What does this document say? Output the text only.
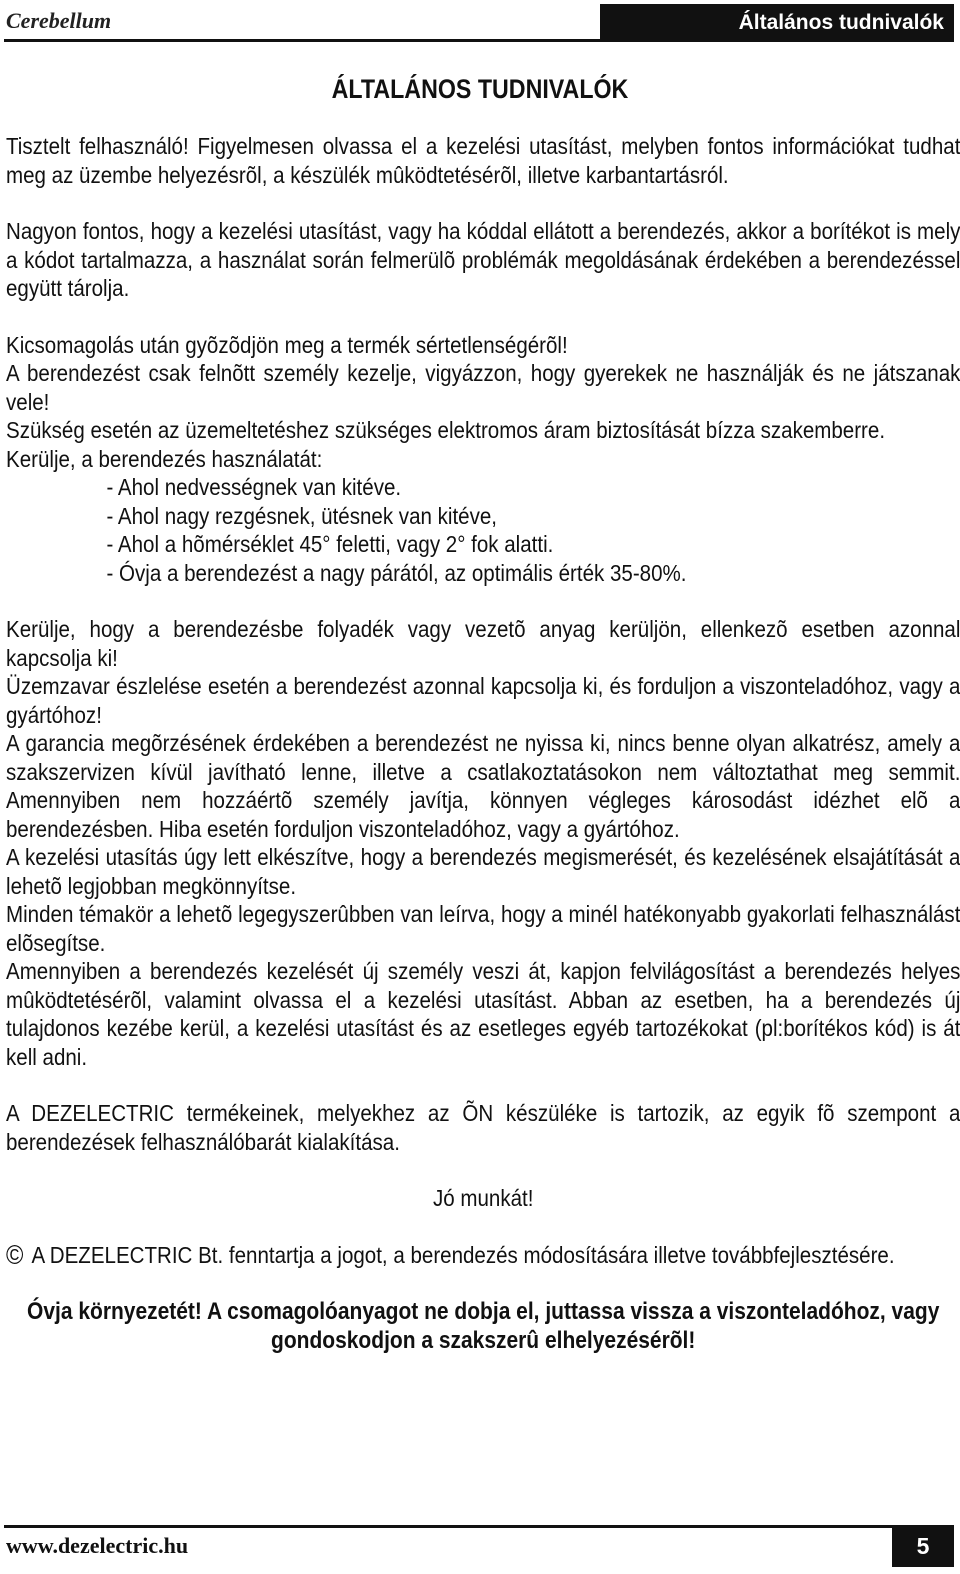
Cerebellum	Általános tudnivalók
ÁLTALÁNOS TUDNIVALÓK

Tisztelt felhasználó! Figyelmesen olvassa el a kezelési utasítást, melyben fontos információkat tudhat meg az üzembe helyezésrõl, a készülék mûködtetésérõl, illetve karbantartásról.

Nagyon fontos, hogy a kezelési utasítást, vagy ha kóddal ellátott a berendezés, akkor a borítékot is mely a kódot tartalmazza, a használat során felmerülõ problémák megoldásának érdekében a berendezéssel együtt tárolja.

Kicsomagolás után gyõzõdjön meg a termék sértetlenségérõl!

A berendezést csak felnõtt személy kezelje, vigyázzon, hogy gyerekek ne használják és ne játszanak vele!

Szükség esetén az üzemeltetéshez szükséges elektromos áram biztosítását bízza szakemberre.

Kerülje, a berendezés használatát:

- Ahol nedvességnek van kitéve.
- Ahol nagy rezgésnek, ütésnek van kitéve,
- Ahol a hõmérséklet 45° feletti, vagy 2° fok alatti.
- Óvja a berendezést a nagy párától, az optimális érték 35-80%.

Kerülje, hogy a berendezésbe folyadék vagy vezetõ anyag kerüljön, ellenkezõ esetben azonnal kapcsolja ki!

Üzemzavar észlelése esetén a berendezést azonnal kapcsolja ki, és forduljon a viszonteladóhoz, vagy a gyártóhoz!

A garancia megõrzésének érdekében a berendezést ne nyissa ki, nincs benne olyan alkatrész, amely a szakszervizen kívül javítható lenne, illetve a csatlakoztatásokon nem változtathat meg semmit. Amennyiben nem hozzáértõ személy javítja, könnyen végleges károsodást idézhet elõ a berendezésben. Hiba esetén forduljon viszonteladóhoz, vagy a gyártóhoz.

A kezelési utasítás úgy lett elkészítve, hogy a berendezés megismerését, és kezelésének elsajátítását a lehetõ legjobban megkönnyítse.

Minden témakör a lehetõ legegyszerûbben van leírva, hogy a minél hatékonyabb gyakorlati felhasználást elõsegítse.

Amennyiben a berendezés kezelését új személy veszi át, kapjon felvilágosítást a berendezés helyes mûködtetésérõl, valamint olvassa el a kezelési utasítást. Abban az esetben, ha a berendezés új tulajdonos kezébe kerül, a kezelési utasítást és az esetleges egyéb tartozékokat (pl:borítékos kód) is át kell adni.

A DEZELECTRIC termékeinek, melyekhez az ÕN készüléke is tartozik, az egyik fõ szempont a berendezések felhasználóbarát kialakítása.

Jó munkát!

© A DEZELECTRIC Bt. fenntartja a jogot, a berendezés módosítására illetve továbbfejlesztésére.

Óvja környezetét! A csomagolóanyagot ne dobja el, juttassa vissza a viszonteladóhoz, vagy
gondoskodjon a szakszerû elhelyezésérõl!
www.dezelectric.hu	5
